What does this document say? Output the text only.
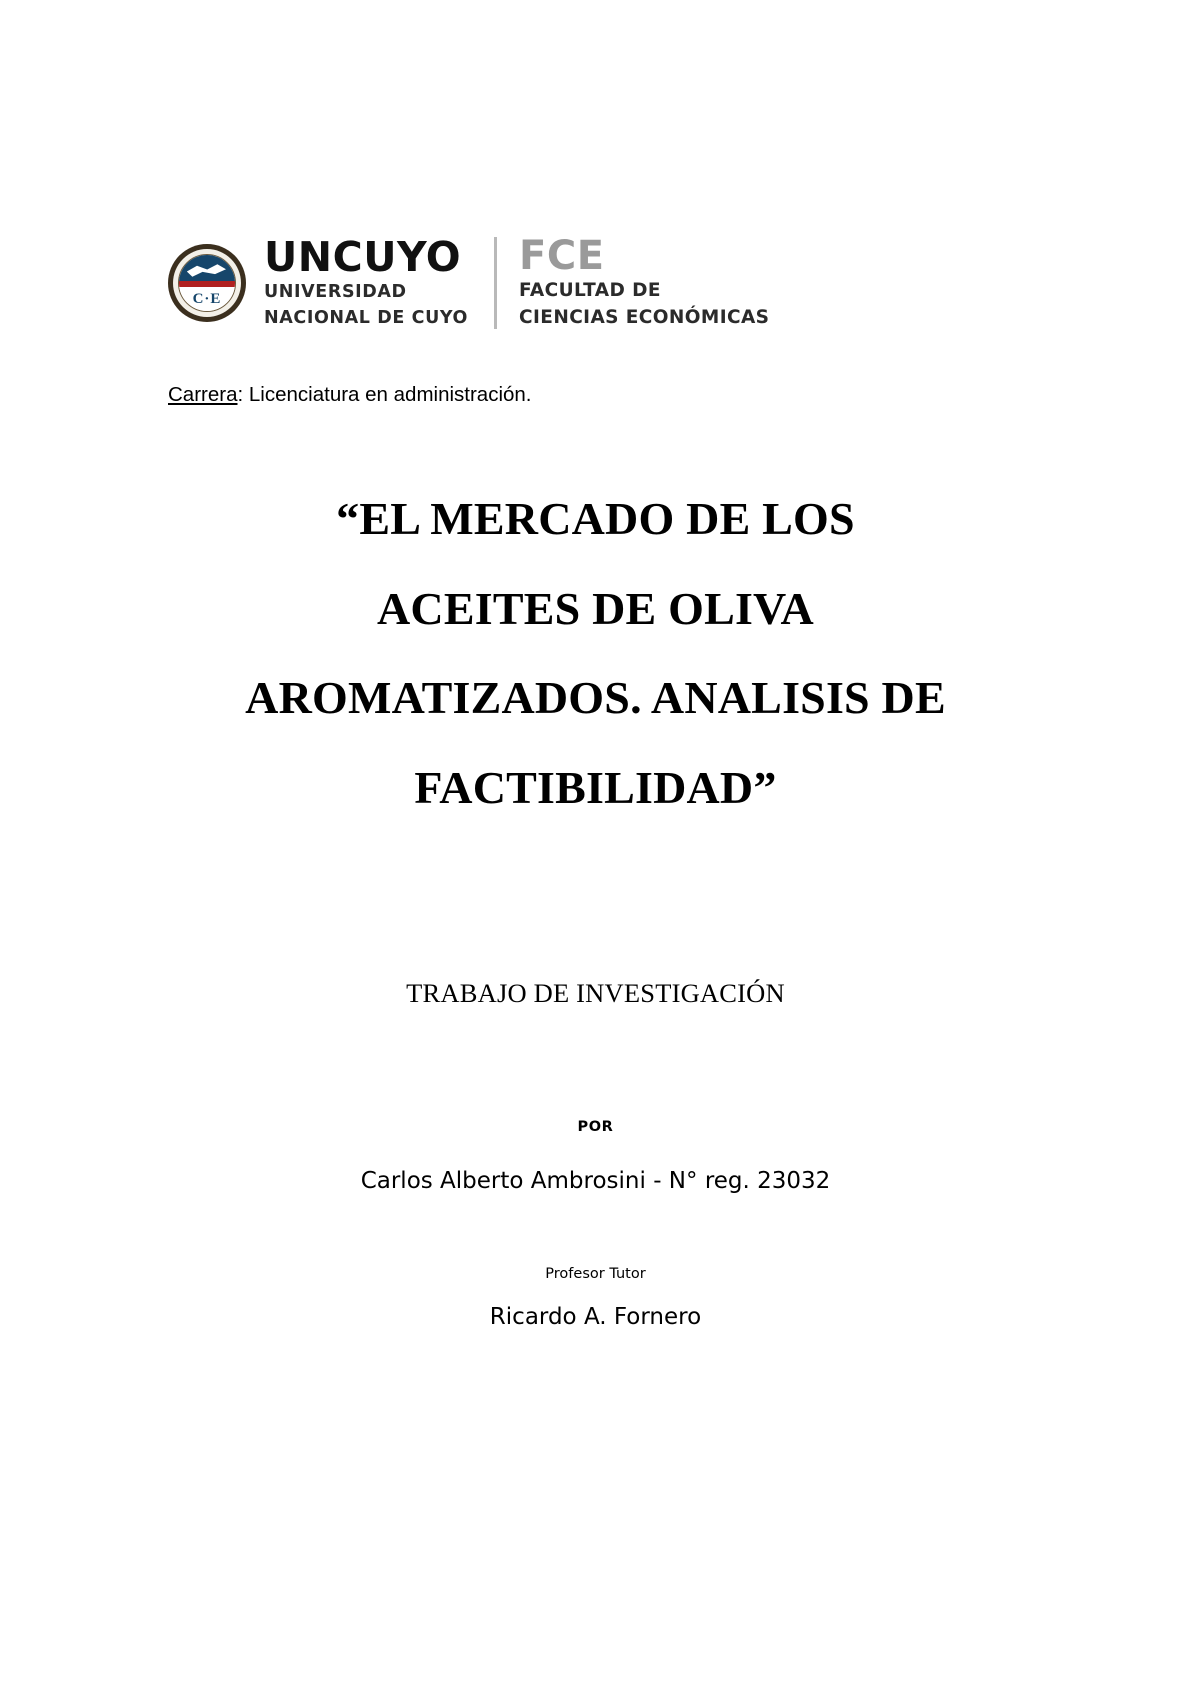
C·E
UNCUYO
UNIVERSIDAD
NACIONAL DE CUYO
FCE
FACULTAD DE
CIENCIAS ECONÓMICAS
Carrera: Licenciatura en administración.
“EL MERCADO DE LOS
ACEITES DE OLIVA
AROMATIZADOS. ANALISIS DE
FACTIBILIDAD”
TRABAJO DE INVESTIGACIÓN
POR
Carlos Alberto Ambrosini - N° reg. 23032
Profesor Tutor
Ricardo A. Fornero
